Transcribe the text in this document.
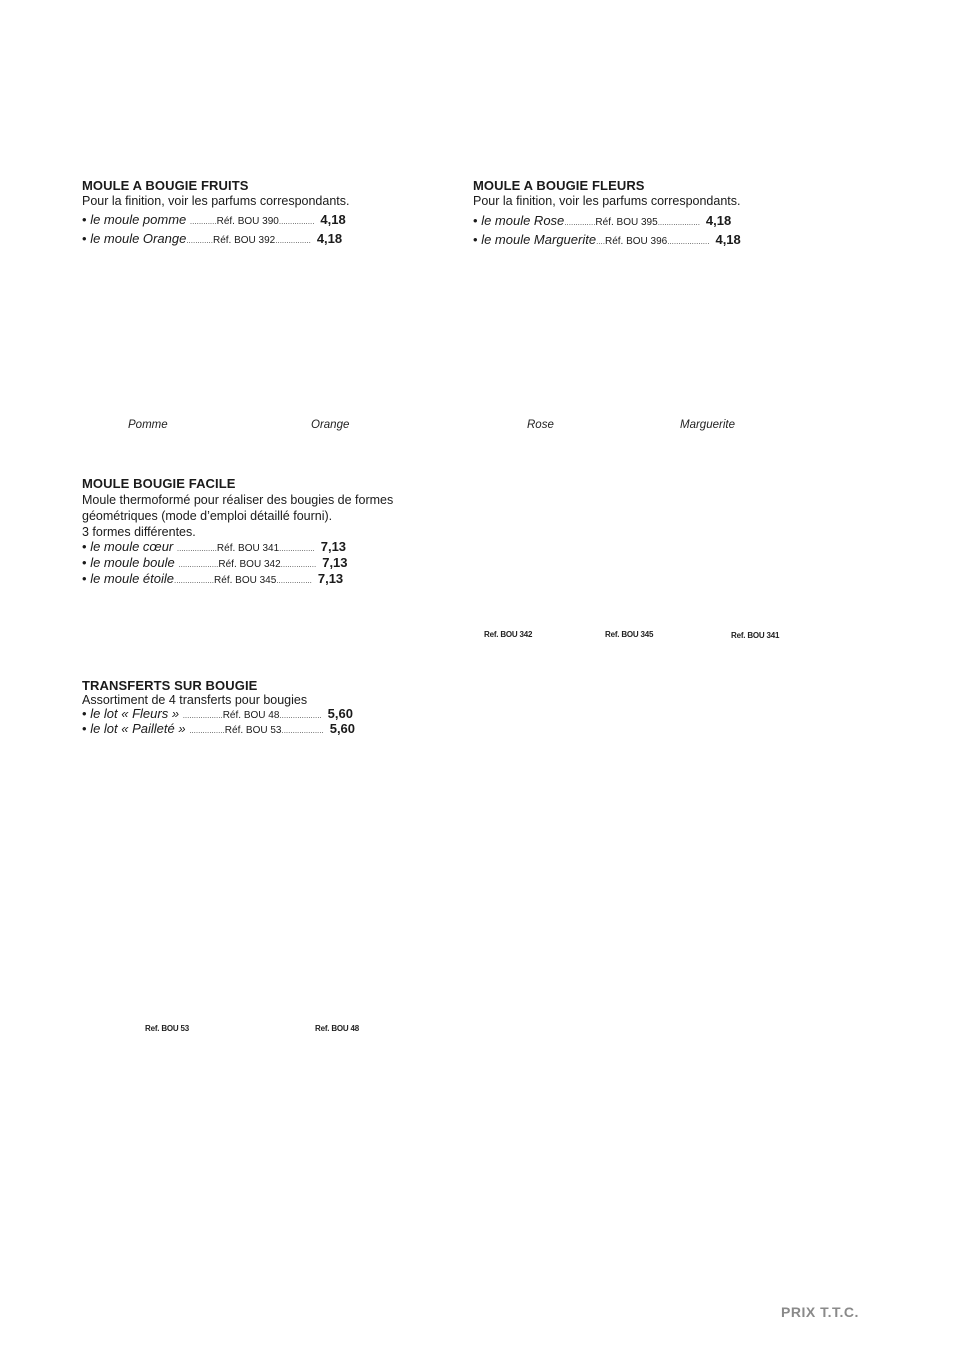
MOULE A BOUGIE FRUITS
Pour la finition, voir les parfums correspondants.
•
le moule pomme
............ Réf. BOU 390 ................ 4,18
•
le moule Orange ............ Réf. BOU 392 ................ 4,18
Pomme	Orange
MOULE A BOUGIE FLEURS
Pour la finition, voir les parfums correspondants.
•
le moule Rose .............. Réf. BOU 395 ................... 4,18
•
le moule Marguerite .... Réf. BOU 396 ................... 4,18
Rose	Marguerite
MOULE BOUGIE FACILE
Moule thermoformé pour réaliser des bougies de formes
géométriques (mode d’emploi détaillé fourni).
3 formes différentes.
•
le moule cœur
.................. Réf. BOU 341 ................ 7,13
•
le moule boule
.................. Réf. BOU 342 ................ 7,13
•
le moule étoile .................. Réf. BOU 345 ................ 7,13
Ref. BOU 342	Ref. BOU 345	Ref. BOU 341
TRANSFERTS SUR BOUGIE
Assortiment de 4 transferts pour bougies
•
le lot « Fleurs »
.................. Réf. BOU 48 ................... 5,60
•
le lot « Pailleté »
................ Réf. BOU 53 ................... 5,60
Ref. BOU 53	Ref. BOU 48
PRIX T.T.C.
